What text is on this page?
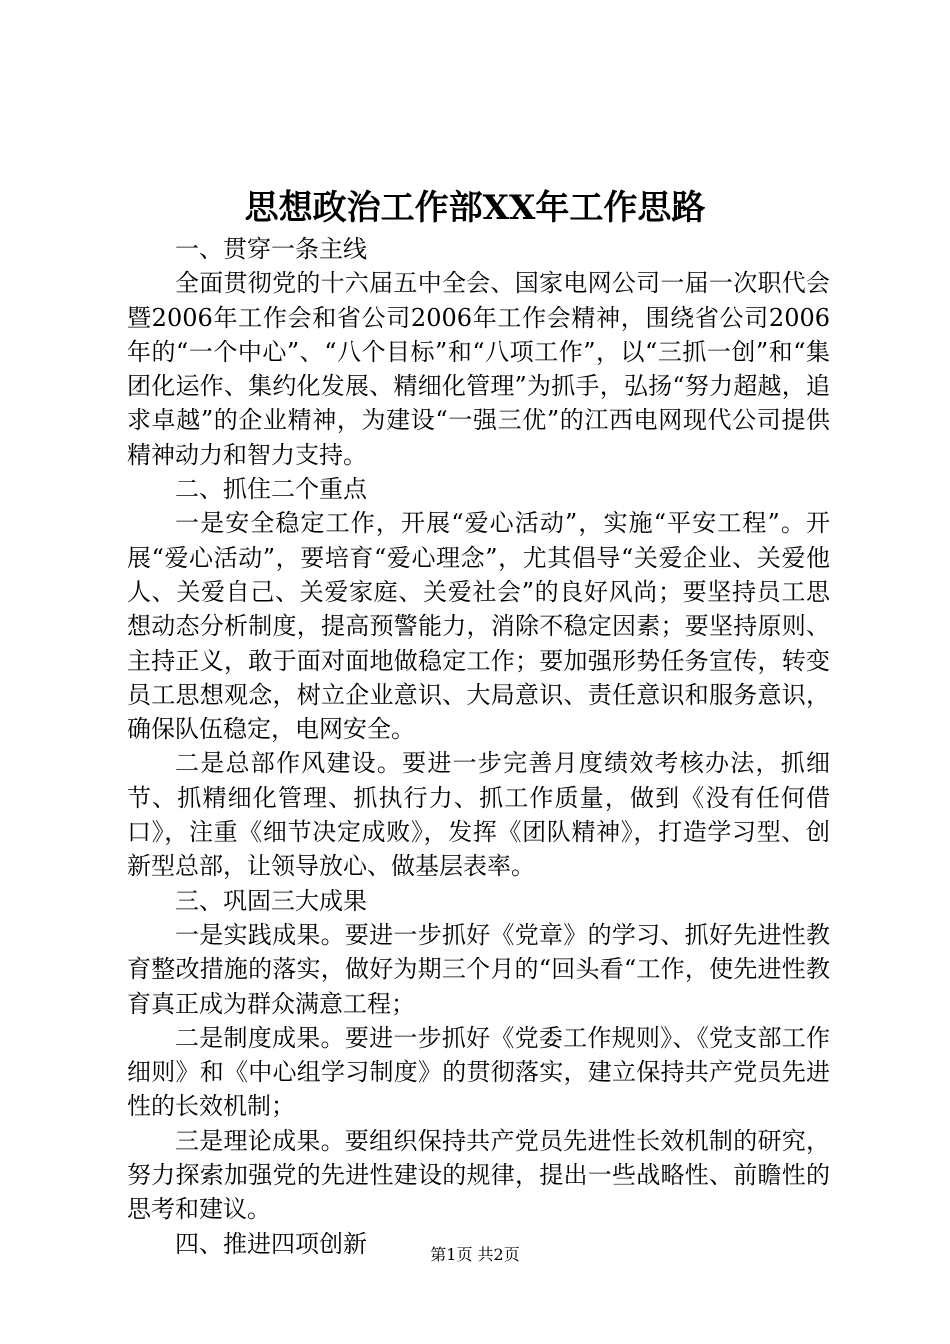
思想政治工作部XX年工作思路

一、贯穿一条主线

全面贯彻党的十六届五中全会、国家电网公司一届一次职代会暨2006年工作会和省公司2006年工作会精神，围绕省公司2006年的“一个中心”、“八个目标”和“八项工作”，以“三抓一创”和“集团化运作、集约化发展、精细化管理”为抓手，弘扬“努力超越，追求卓越”的企业精神，为建设“一强三优”的江西电网现代公司提供精神动力和智力支持。

二、抓住二个重点

一是安全稳定工作，开展“爱心活动”，实施“平安工程”。开展“爱心活动”，要培育“爱心理念”，尤其倡导“关爱企业、关爱他人、关爱自己、关爱家庭、关爱社会”的良好风尚；要坚持员工思想动态分析制度，提高预警能力，消除不稳定因素；要坚持原则、主持正义，敢于面对面地做稳定工作；要加强形势任务宣传，转变员工思想观念，树立企业意识、大局意识、责任意识和服务意识，确保队伍稳定，电网安全。

二是总部作风建设。要进一步完善月度绩效考核办法，抓细节、抓精细化管理、抓执行力、抓工作质量，做到《没有任何借口》，注重《细节决定成败》，发挥《团队精神》，打造学习型、创新型总部，让领导放心、做基层表率。

三、巩固三大成果

一是实践成果。要进一步抓好《党章》的学习、抓好先进性教育整改措施的落实，做好为期三个月的“回头看“工作，使先进性教育真正成为群众满意工程；

二是制度成果。要进一步抓好《党委工作规则》、《党支部工作细则》和《中心组学习制度》的贯彻落实，建立保持共产党员先进性的长效机制；

三是理论成果。要组织保持共产党员先进性长效机制的研究，努力探索加强党的先进性建设的规律，提出一些战略性、前瞻性的思考和建议。

四、推进四项创新	第1页 共2页
